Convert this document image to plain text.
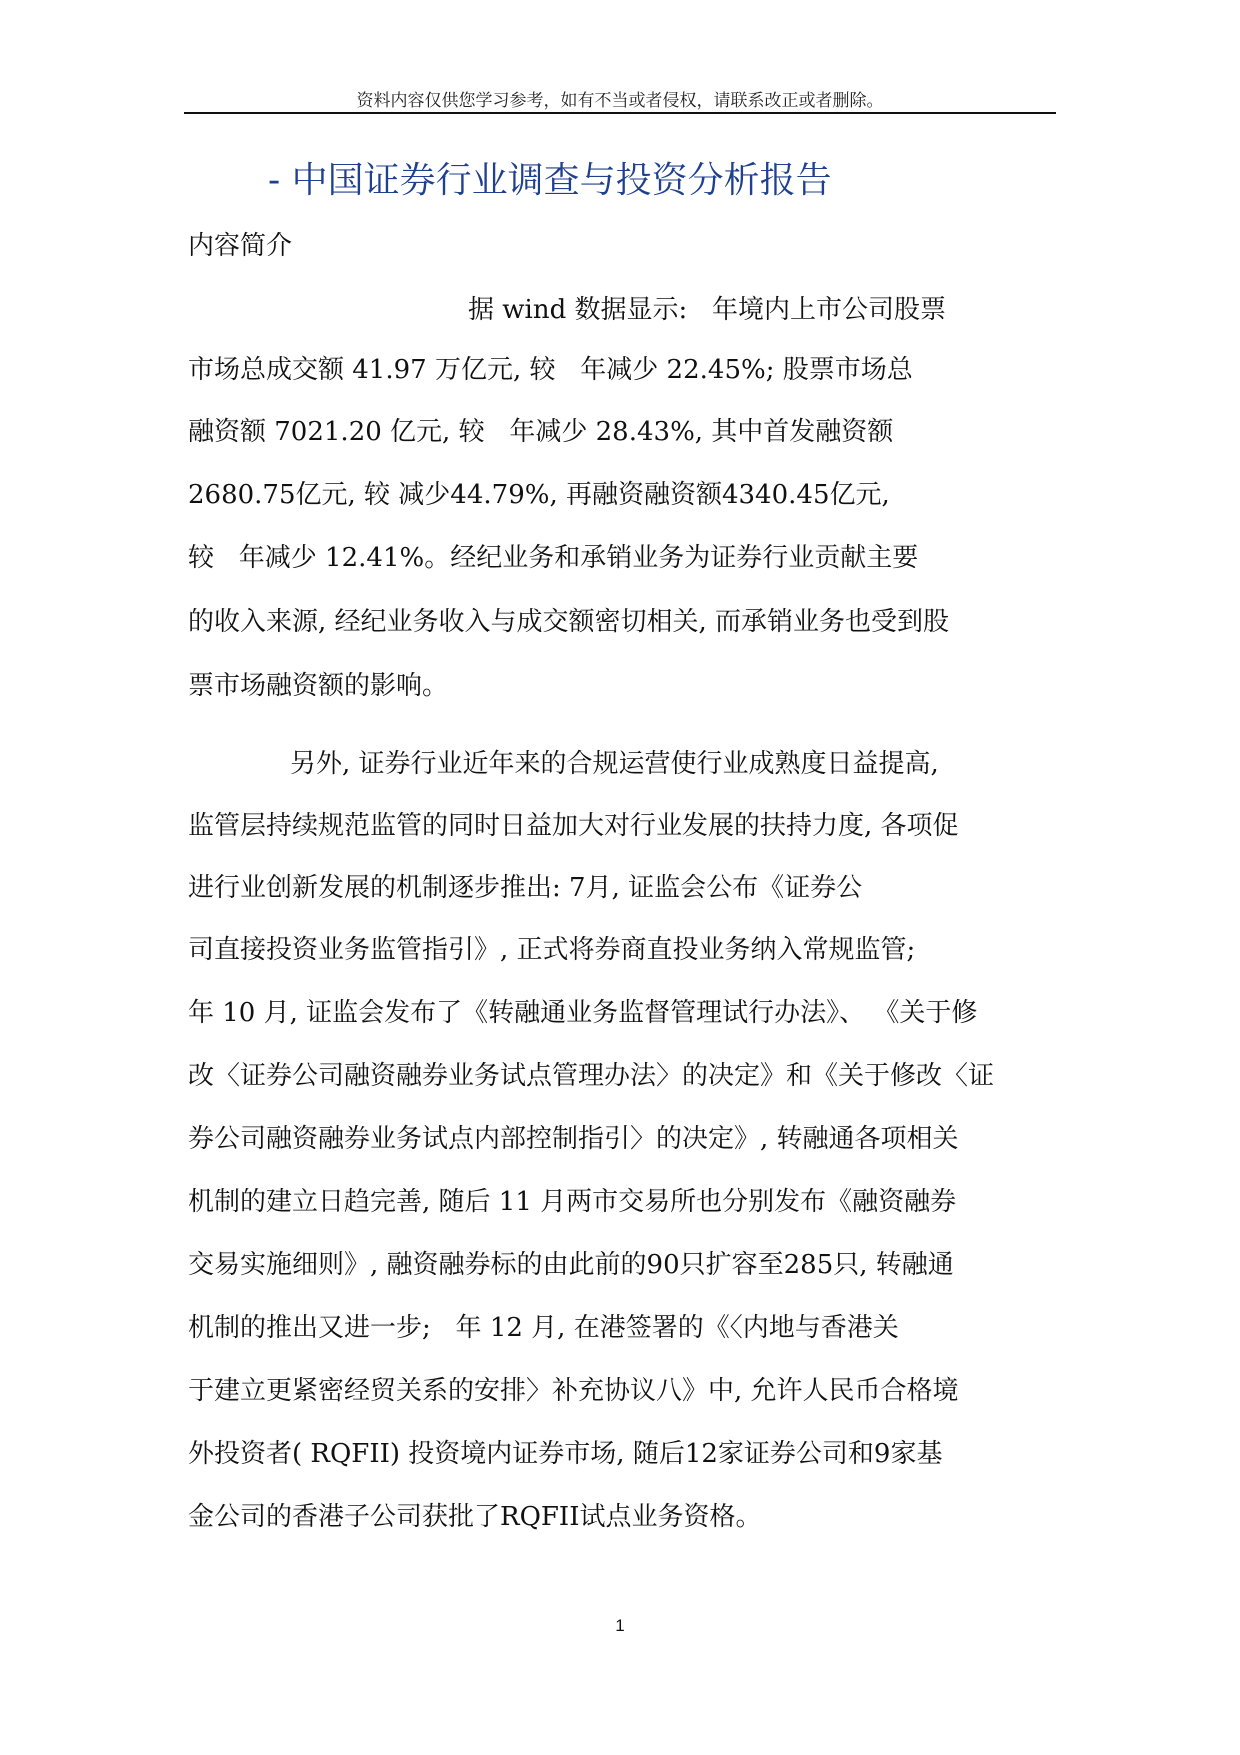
资料内容仅供您学习参考，如有不当或者侵权，请联系改正或者删除。
- 中国证券行业调查与投资分析报告
内容简介
据 wind 数据显示:   年境内上市公司股票
市场总成交额 41.97 万亿元, 较   年减少 22.45%; 股票市场总
融资额 7021.20 亿元, 较   年减少 28.43%, 其中首发融资额
2680.75亿元, 较 减少44.79%, 再融资融资额4340.45亿元,
较   年减少 12.41%。经纪业务和承销业务为证券行业贡献主要
的收入来源, 经纪业务收入与成交额密切相关, 而承销业务也受到股
票市场融资额的影响。
另外, 证券行业近年来的合规运营使行业成熟度日益提高,
监管层持续规范监管的同时日益加大对行业发展的扶持力度, 各项促
进行业创新发展的机制逐步推出: 7月, 证监会公布《证券公
司直接投资业务监管指引》, 正式将券商直投业务纳入常规监管;
年 10 月, 证监会发布了《转融通业务监督管理试行办法》、 《关于修
改〈证券公司融资融券业务试点管理办法〉的决定》和《关于修改〈证
券公司融资融券业务试点内部控制指引〉的决定》, 转融通各项相关
机制的建立日趋完善, 随后 11 月两市交易所也分别发布《融资融券
交易实施细则》, 融资融券标的由此前的90只扩容至285只, 转融通
机制的推出又进一步;   年 12 月, 在港签署的《〈内地与香港关
于建立更紧密经贸关系的安排〉补充协议八》中, 允许人民币合格境
外投资者( RQFII) 投资境内证券市场, 随后12家证券公司和9家基
金公司的香港子公司获批了RQFII试点业务资格。
1
